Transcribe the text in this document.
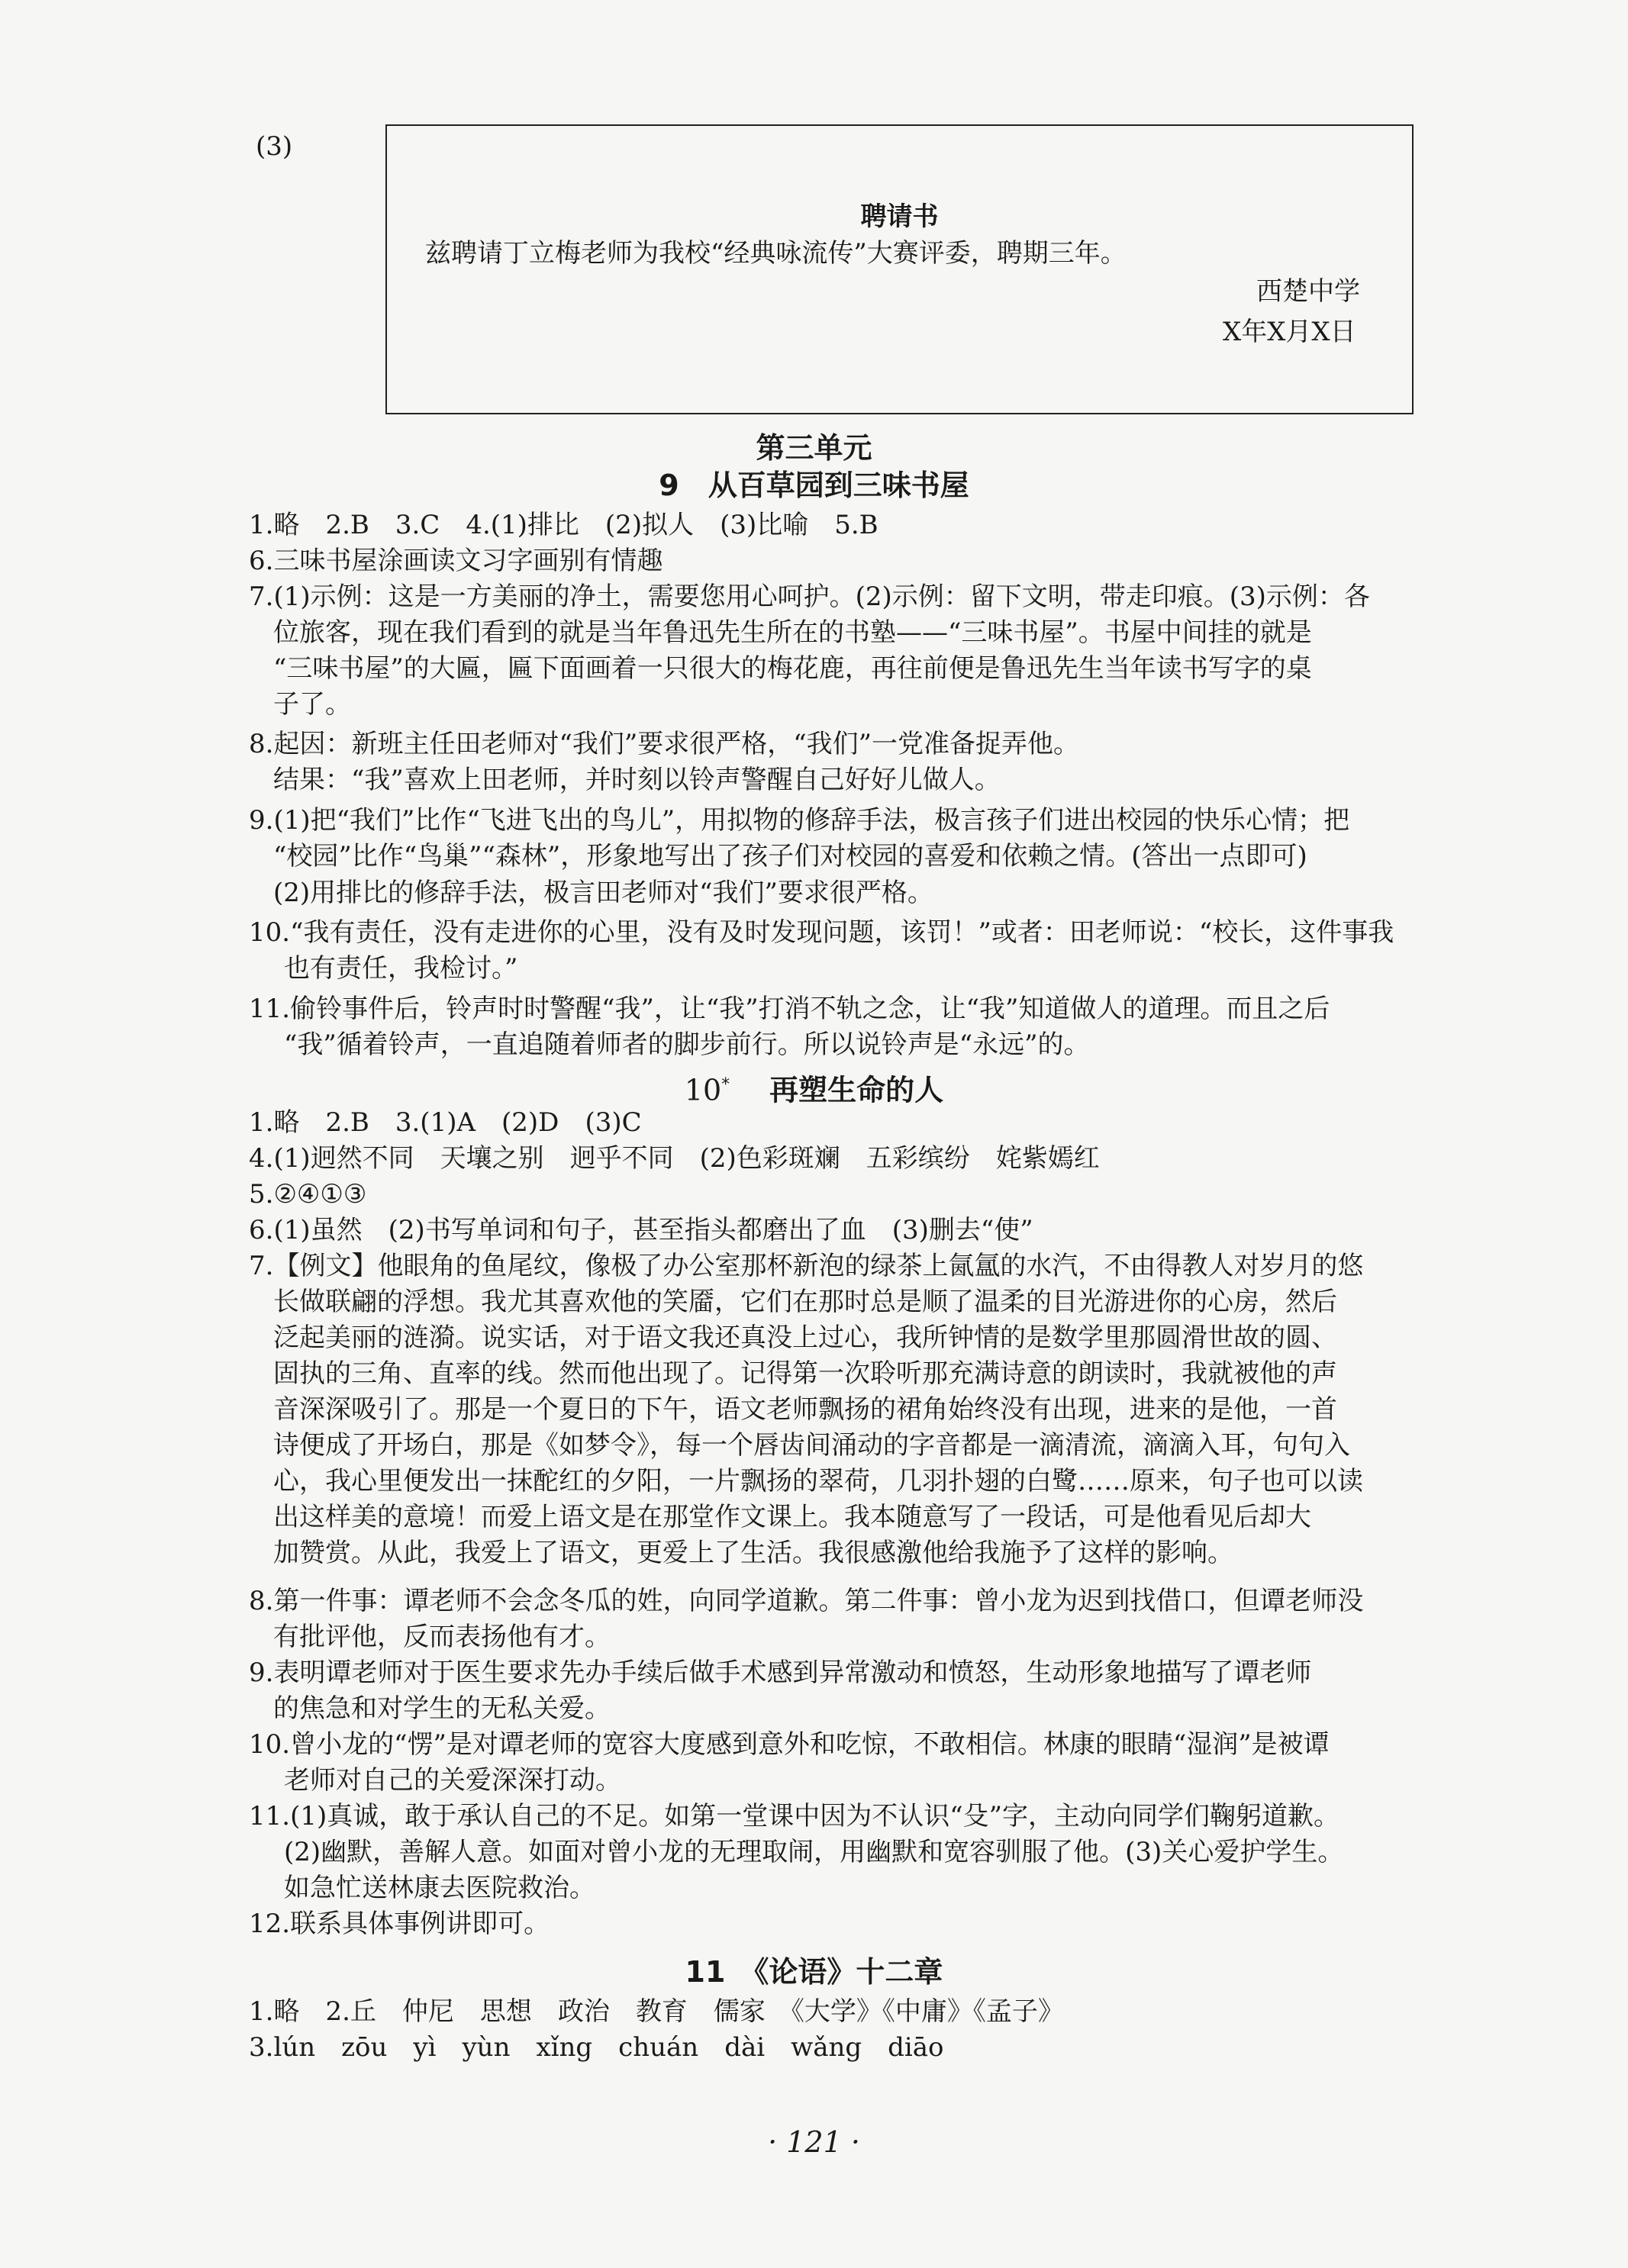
(3)
聘请书
兹聘请丁立梅老师为我校“经典咏流传”大赛评委，聘期三年。
西楚中学
X年X月X日
第三单元
9　从百草园到三味书屋
1.略　2.B　3.C　4.(1)排比　(2)拟人　(3)比喻　5.B
6.三味书屋涂画读文习字画别有情趣
7.(1)示例：这是一方美丽的净土，需要您用心呵护。(2)示例：留下文明，带走印痕。(3)示例：各
位旅客，现在我们看到的就是当年鲁迅先生所在的书塾——“三味书屋”。书屋中间挂的就是
“三味书屋”的大匾，匾下面画着一只很大的梅花鹿，再往前便是鲁迅先生当年读书写字的桌
子了。
8.起因：新班主任田老师对“我们”要求很严格，“我们”一党准备捉弄他。
结果：“我”喜欢上田老师，并时刻以铃声警醒自己好好儿做人。
9.(1)把“我们”比作“飞进飞出的鸟儿”，用拟物的修辞手法，极言孩子们进出校园的快乐心情；把
“校园”比作“鸟巢”“森林”，形象地写出了孩子们对校园的喜爱和依赖之情。(答出一点即可)
(2)用排比的修辞手法，极言田老师对“我们”要求很严格。
10.“我有责任，没有走进你的心里，没有及时发现问题，该罚！”或者：田老师说：“校长，这件事我
也有责任，我检讨。”
11.偷铃事件后，铃声时时警醒“我”，让“我”打消不轨之念，让“我”知道做人的道理。而且之后
“我”循着铃声，一直追随着师者的脚步前行。所以说铃声是“永远”的。
10* 再塑生命的人
1.略　2.B　3.(1)A　(2)D　(3)C
4.(1)迥然不同　天壤之别　迥乎不同　(2)色彩斑斓　五彩缤纷　姹紫嫣红
5.②④①③
6.(1)虽然　(2)书写单词和句子，甚至指头都磨出了血　(3)删去“使”
7.【例文】他眼角的鱼尾纹，像极了办公室那杯新泡的绿茶上氤氲的水汽，不由得教人对岁月的悠
长做联翩的浮想。我尤其喜欢他的笑靥，它们在那时总是顺了温柔的目光游进你的心房，然后
泛起美丽的涟漪。说实话，对于语文我还真没上过心，我所钟情的是数学里那圆滑世故的圆、
固执的三角、直率的线。然而他出现了。记得第一次聆听那充满诗意的朗读时，我就被他的声
音深深吸引了。那是一个夏日的下午，语文老师飘扬的裙角始终没有出现，进来的是他，一首
诗便成了开场白，那是《如梦令》，每一个唇齿间涌动的字音都是一滴清流，滴滴入耳，句句入
心，我心里便发出一抹酡红的夕阳，一片飘扬的翠荷，几羽扑翅的白鹭……原来，句子也可以读
出这样美的意境！而爱上语文是在那堂作文课上。我本随意写了一段话，可是他看见后却大
加赞赏。从此，我爱上了语文，更爱上了生活。我很感激他给我施予了这样的影响。
8.第一件事：谭老师不会念冬瓜的姓，向同学道歉。第二件事：曾小龙为迟到找借口，但谭老师没
有批评他，反而表扬他有才。
9.表明谭老师对于医生要求先办手续后做手术感到异常激动和愤怒，生动形象地描写了谭老师
的焦急和对学生的无私关爱。
10.曾小龙的“愣”是对谭老师的宽容大度感到意外和吃惊，不敢相信。林康的眼睛“湿润”是被谭
老师对自己的关爱深深打动。
11.(1)真诚，敢于承认自己的不足。如第一堂课中因为不认识“殳”字，主动向同学们鞠躬道歉。
(2)幽默，善解人意。如面对曾小龙的无理取闹，用幽默和宽容驯服了他。(3)关心爱护学生。
如急忙送林康去医院救治。
12.联系具体事例讲即可。
11　《论语》十二章
1.略　2.丘　仲尼　思想　政治　教育　儒家　《大学》《中庸》《孟子》
3.lún　zōu　yì　yùn　xǐng　chuán　dài　wǎng　diāo
· 121 ·
